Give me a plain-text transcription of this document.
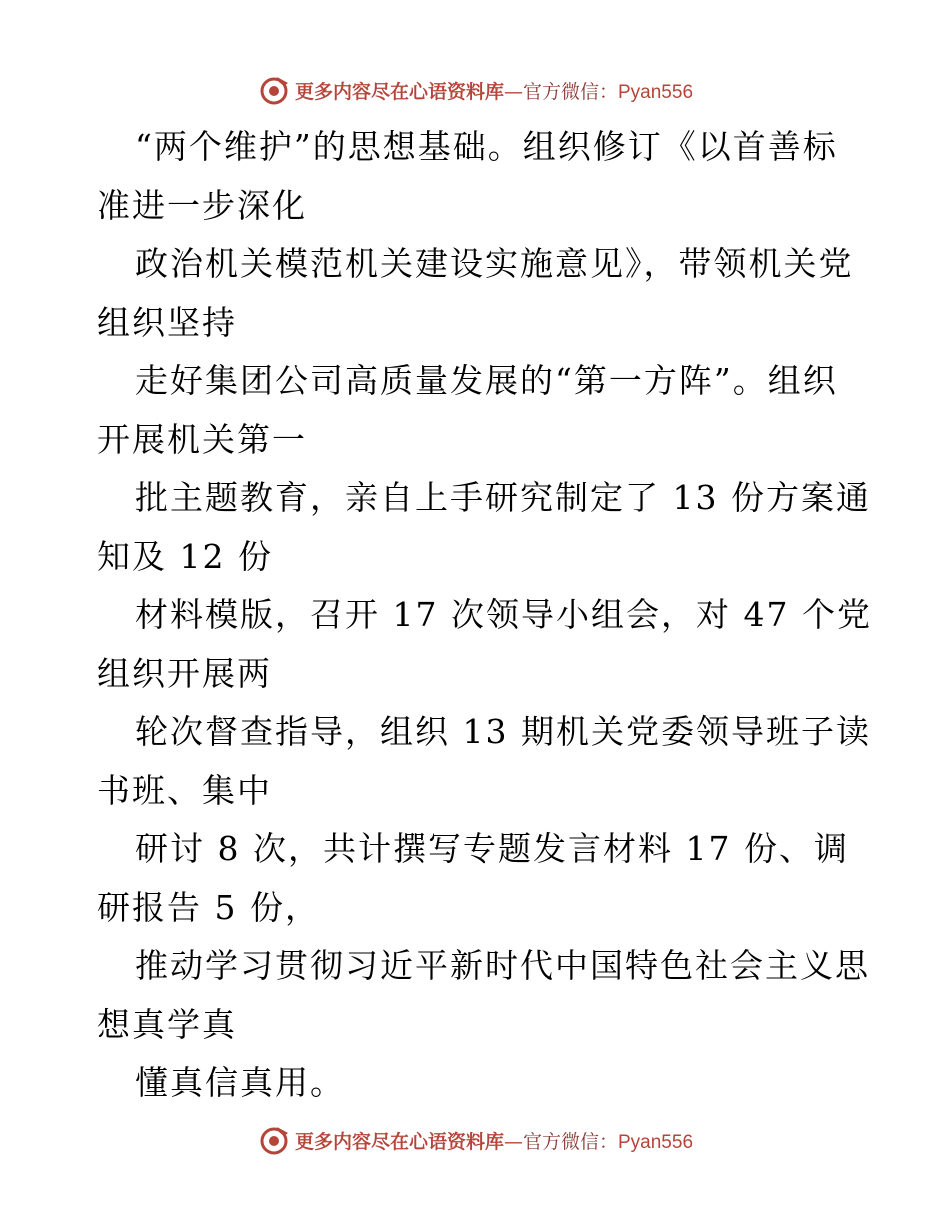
更多内容尽在心语资料库—官方微信：Pyan556
“两个维护”的思想基础。组织修订《以首善标
准进一步深化
政治机关模范机关建设实施意见》，带领机关党
组织坚持
走好集团公司高质量发展的“第一方阵”。组织
开展机关第一
批主题教育，亲自上手研究制定了 13 份方案通
知及 12 份
材料模版，召开 17 次领导小组会，对 47 个党
组织开展两
轮次督查指导，组织 13 期机关党委领导班子读
书班、集中
研讨 8 次，共计撰写专题发言材料 17 份、调
研报告 5 份，
推动学习贯彻习近平新时代中国特色社会主义思
想真学真
懂真信真用。
更多内容尽在心语资料库—官方微信：Pyan556
